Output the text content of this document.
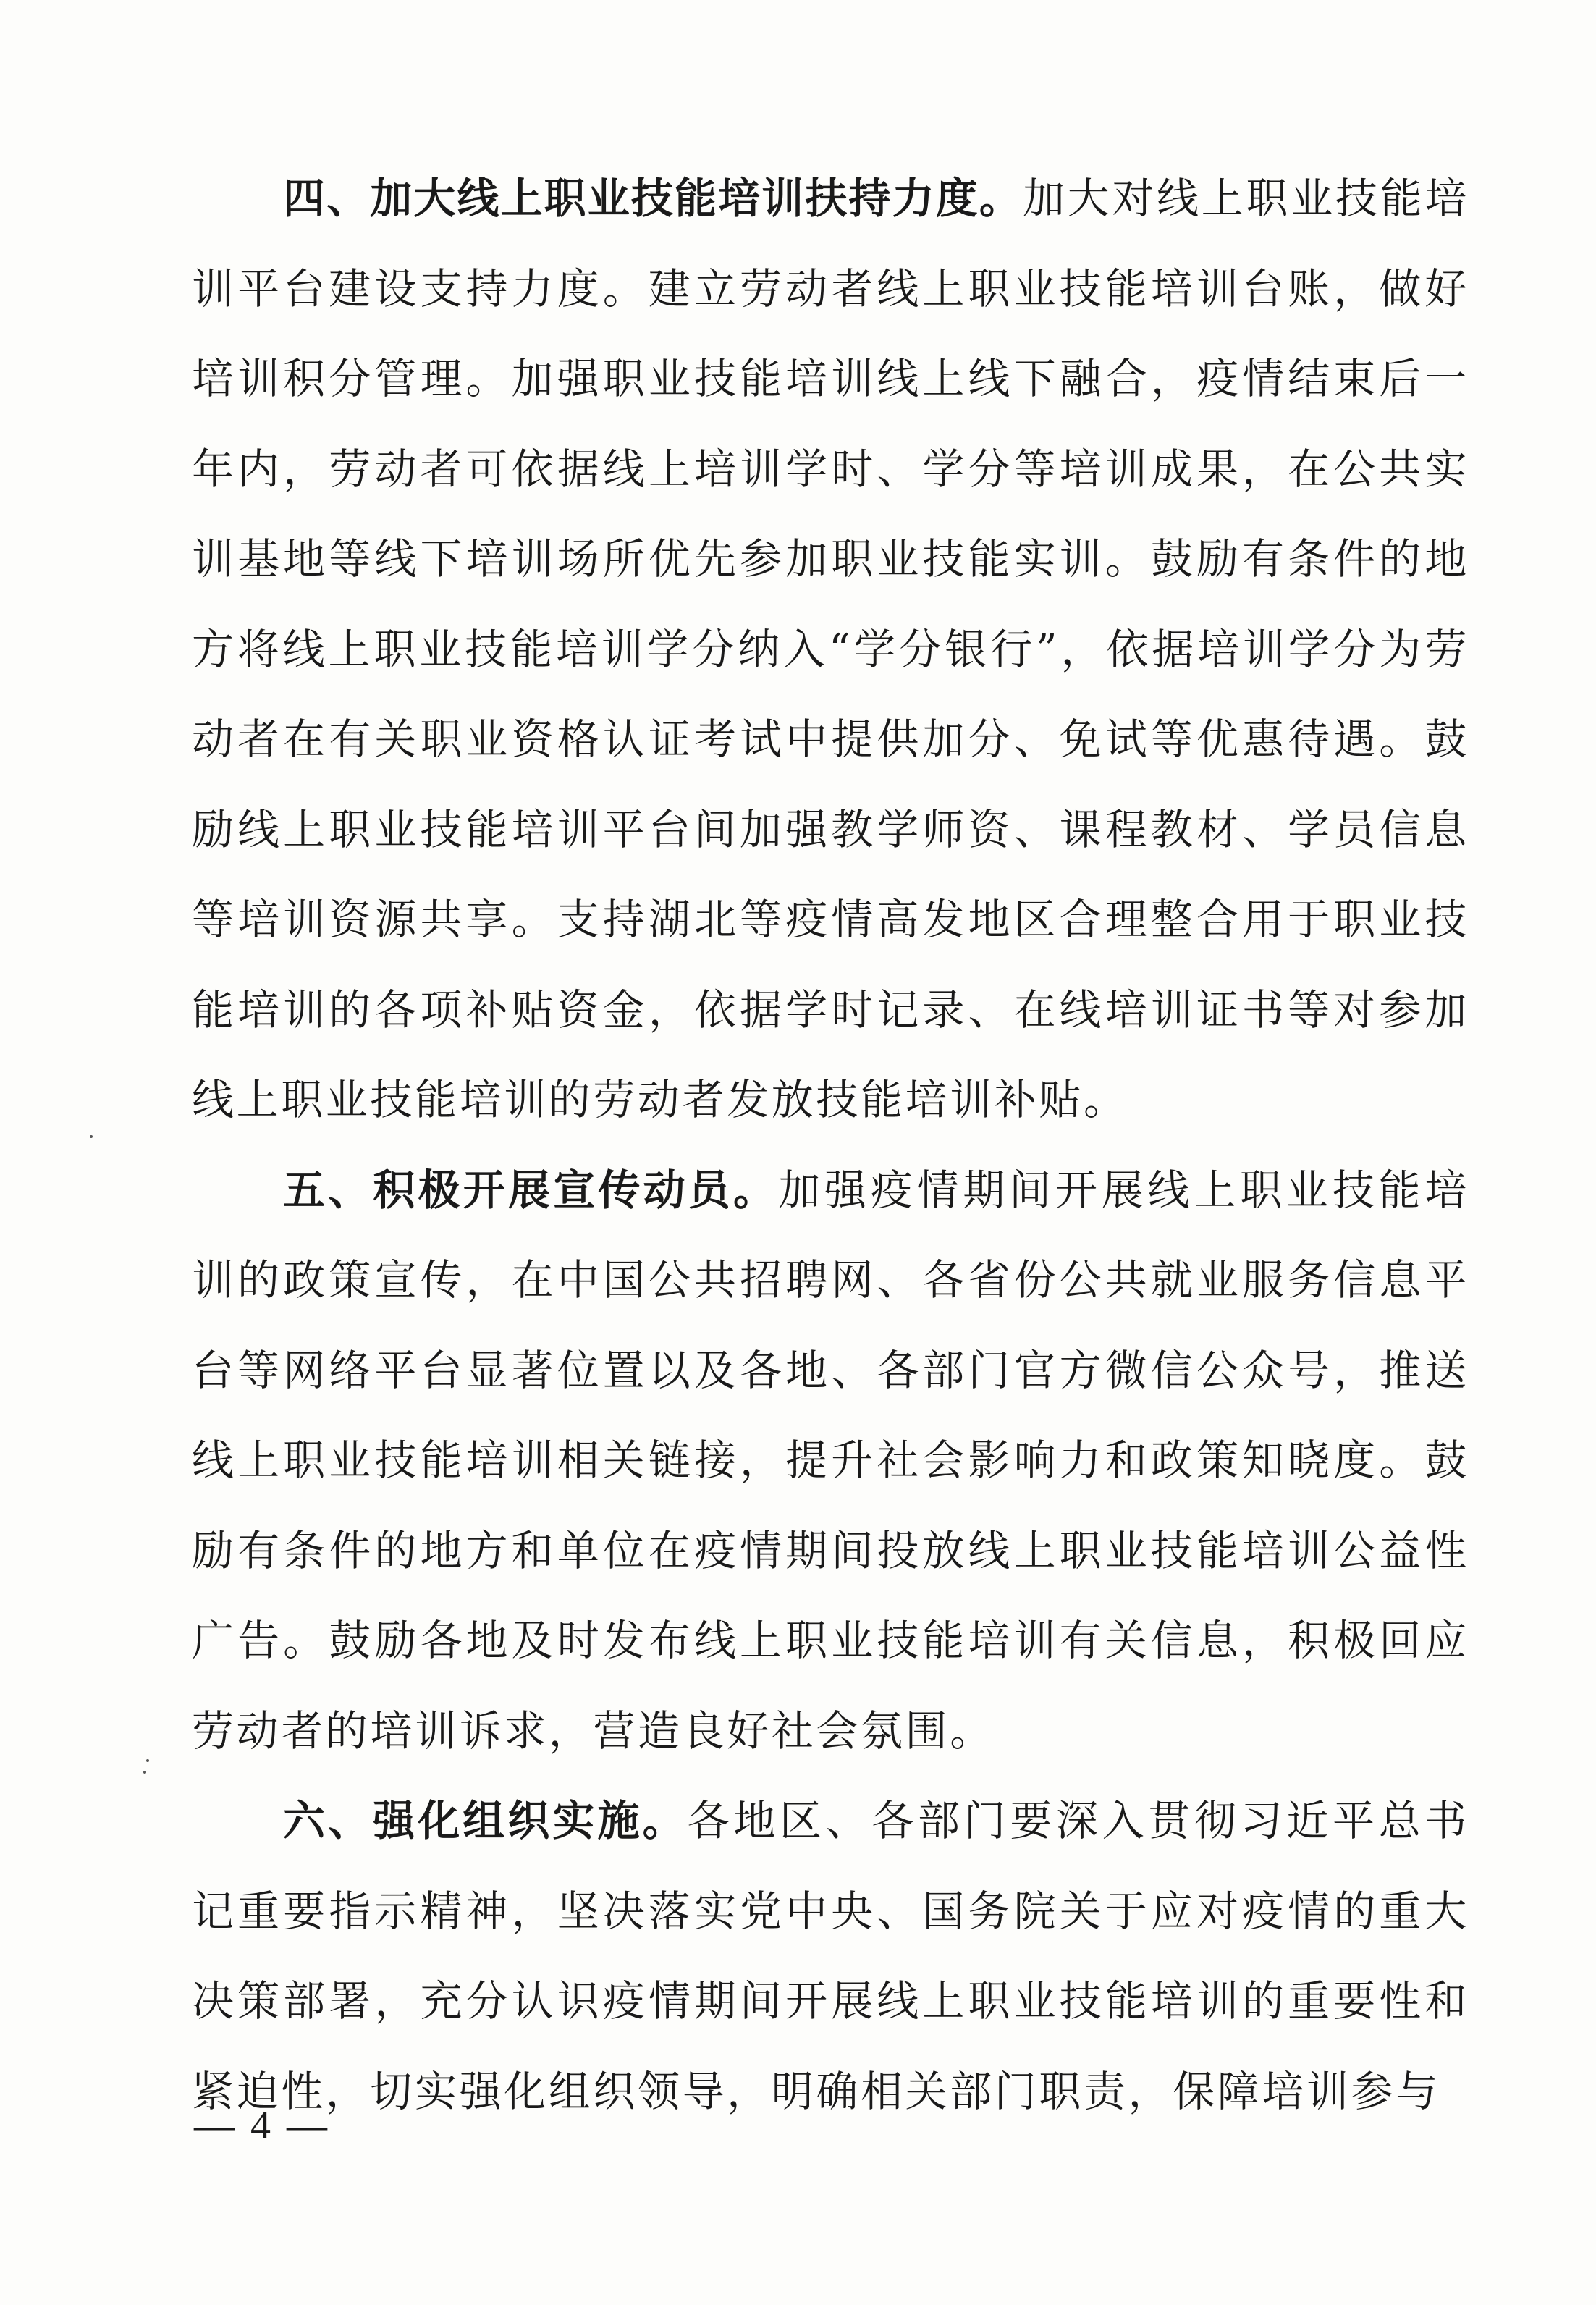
四、加大线上职业技能培训扶持力度。加大对线上职业技能培训平台建设支持力度。建立劳动者线上职业技能培训台账，做好培训积分管理。加强职业技能培训线上线下融合，疫情结束后一年内，劳动者可依据线上培训学时、学分等培训成果，在公共实训基地等线下培训场所优先参加职业技能实训。鼓励有条件的地方将线上职业技能培训学分纳入“学分银行”，依据培训学分为劳动者在有关职业资格认证考试中提供加分、免试等优惠待遇。鼓励线上职业技能培训平台间加强教学师资、课程教材、学员信息等培训资源共享。支持湖北等疫情高发地区合理整合用于职业技能培训的各项补贴资金，依据学时记录、在线培训证书等对参加线上职业技能培训的劳动者发放技能培训补贴。

五、积极开展宣传动员。加强疫情期间开展线上职业技能培训的政策宣传，在中国公共招聘网、各省份公共就业服务信息平台等网络平台显著位置以及各地、各部门官方微信公众号，推送线上职业技能培训相关链接，提升社会影响力和政策知晓度。鼓励有条件的地方和单位在疫情期间投放线上职业技能培训公益性广告。鼓励各地及时发布线上职业技能培训有关信息，积极回应劳动者的培训诉求，营造良好社会氛围。

六、强化组织实施。各地区、各部门要深入贯彻习近平总书记重要指示精神，坚决落实党中央、国务院关于应对疫情的重大决策部署，充分认识疫情期间开展线上职业技能培训的重要性和紧迫性，切实强化组织领导，明确相关部门职责，保障培训参与

— 4 —
